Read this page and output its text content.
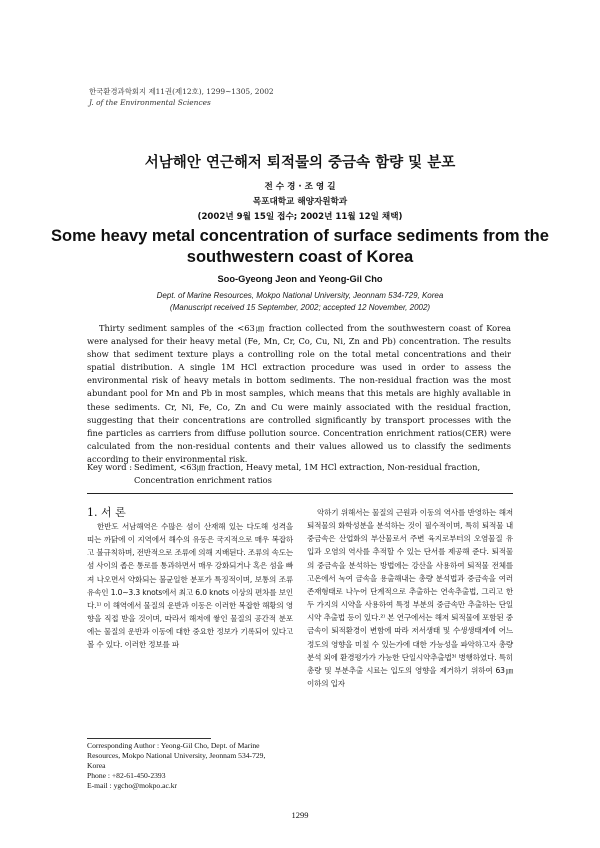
한국환경과학회지 제11권(제12호), 1299~1305, 2002
J. of the Environmental Sciences
서남해안 연근해저 퇴적물의 중금속 함량 및 분포
전 수 경 · 조 영 길
목포대학교 해양자원학과
(2002년 9월 15일 접수; 2002년 11월 12일 채택)
Some heavy metal concentration of surface sediments from the southwestern coast of Korea
Soo-Gyeong Jeon and Yeong-Gil Cho
Dept. of Marine Resources, Mokpo National University, Jeonnam 534-729, Korea
(Manuscript received 15 September, 2002; accepted 12 November, 2002)

Thirty sediment samples of the <63㎛ fraction collected from the southwestern coast of Korea were analysed for their heavy metal (Fe, Mn, Cr, Co, Cu, Ni, Zn and Pb) concentration. The results show that sediment texture plays a controlling role on the total metal concentrations and their spatial distribution. A single 1M HCl extraction procedure was used in order to assess the environmental risk of heavy metals in bottom sediments. The non-residual fraction was the most abundant pool for Mn and Pb in most samples, which means that this metals are highly avaliable in these sediments. Cr, Ni, Fe, Co, Zn and Cu were mainly associated with the residual fraction, suggesting that their concentrations are controlled significantly by transport processes with the fine particles as carriers from diffuse pollution source. Concentration enrichment ratios(CER) were calculated from the non-residual contents and their values allowed us to classify the sediments according to their environmental risk.

Key word : Sediment, <63㎛ fraction, Heavy metal, 1M HCl extraction, Non-residual fraction, Concentration enrichment ratios
1. 서 론

한반도 서남해역은 수많은 섬이 산재해 있는 다도해 성격을 띠는 까닭에 이 지역에서 해수의 유동은 국지적으로 매우 복잡하고 불규칙하며, 전반적으로 조류에 의해 지배된다. 조류의 속도는 섬 사이의 좁은 통로를 통과하면서 매우 강화되거나 혹은 섬을 빠져 나오면서 약화되는 불균일한 분포가 특징적이며, 보통의 조류유속인 1.0~3.3 knots에서 최고 6.0 knots 이상의 편차를 보인다.¹⁾ 이 해역에서 물질의 운반과 이동은 이러한 복잡한 해황의 영향을 직접 받을 것이며, 따라서 해저에 쌓인 물질의 공간적 분포에는 물질의 운반과 이동에 대한 중요한 정보가 기록되어 있다고 볼 수 있다. 이러한 정보를 파

악하기 위해서는 물질의 근원과 이동의 역사를 반영하는 해저 퇴적물의 화학성분을 분석하는 것이 필수적이며, 특히 퇴적물 내 중금속은 산업화의 부산물로서 주변 육지로부터의 오염물질 유입과 오염의 역사를 추적할 수 있는 단서를 제공해 준다. 퇴적물의 중금속을 분석하는 방법에는 강산을 사용하여 퇴적물 전체를 고온에서 녹여 금속을 용출해내는 총량 분석법과 중금속을 여러 존재형태로 나누어 단계적으로 추출하는 연속추출법, 그리고 한 두 가지의 시약을 사용하여 특정 부분의 중금속만 추출하는 단일시약 추출법 등이 있다.²⁾ 본 연구에서는 해저 퇴적물에 포함된 중금속이 퇴적환경이 변함에 따라 저서생태 및 수생생태계에 어느 정도의 영향을 미칠 수 있는가에 대한 가능성을 파악하고자 총량 분석 외에 환경평가가 가능한 단일시약추출법³⁾ 병행하였다. 특히 총량 및 부분추출 시료는 입도의 영향을 제거하기 위하여 63㎛ 이하의 입자

Corresponding Author : Yeong-Gil Cho, Dept. of Marine
Resources, Mokpo National University, Jeonnam 534-729,
Korea
Phone : +82-61-450-2393
E-mail : ygcho@mokpo.ac.kr
1299
